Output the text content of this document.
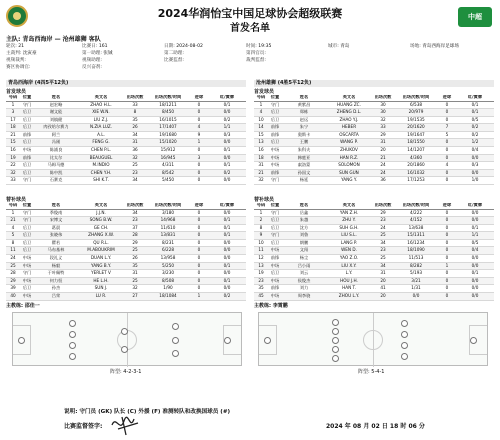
中超
2024华润怡宝中国足球协会超级联赛
首发名单
主队: 青岛西海岸 — 沧州雄狮 客队
轮次: 21	比赛日: 161	日期: 2024-08-02	时间: 19:35	城市: 青岛	场地: 青岛西海岸足球场
主裁判: 沈寅豪	第一助理: 张铖	第二助理:	第四官员:
视频裁判:	视频助理:	比赛监督:	裁判监督:
赛区协调官:	反兴奋剂:
青岛西海岸 (4四5平12负)
首发球员
号码	位置	姓名	英文名	出场次数	出场次数/时间	进球	红/黄牌
1	守门	赵宏略	ZHAO H.L.	33	18/1211	0	0/1
3	后卫	谢文能	XIE W.N.	8	8/450	0	0/0
17	后卫	刘镇健	LIU Z.J.	35	16/1015	0	0/2
18	后卫	肉孜哈尔赛力	N.ZIA LUZ.	26	17/1407	4	1/1
21	前锋	阿兰	A.L.	34	19/1680	9	0/3
15	后卫	冯刚	FENG G.	31	15/1020	1	0/0
16	中场	陈浦良	CHEN P.L.	36	15/912	0	0/1
19	前锋	比太尔	BEAUGUEL	32	16/945	3	0/0
22	后卫	马姆马德	M.INDIO	25	4/311	0	0/1
32	后卫	陈中凯	CHEN Y.H.	23	8/542	0	0/2
33	守门	石赛克	SHI K.T.	34	5/450	0	0/0
沧州雄狮 (4胜5平12负)
首发球员
号码	位置	姓名	英文名	出场次数	出场次数/时间	进球	红/黄牌
1	守门	黄紫昌	HUANG ZC.	30	6/538	0	0/1
4	后卫	郑栋	ZHENG D.L.	30	20/979	0	0/1
10	后卫	赵远	ZHAO Y.J.	32	19/1535	0	0/5
14	前锋	朱宁	HEBER	33	20/1620	7	0/2
15	前锋	奥斯卡	OSCARTA	29	19/1647	5	0/2
13	后卫	王鹏	WANG P.	31	18/1550	0	1/2
16	中场	朱科夫	ZHUKOV	20	14/1207	0	0/4
18	中场	韩庭亚	HAN R.Z.	21	4/360	0	0/0
31	中场	索洛蒙	SOLOMON	24	20/1860	4	0/3
21	前锋	孙国文	SUN GUN	24	16/1032	0	0/0
32	守门	杨延	YANG Y.	36	17/1253	0	1/0
替补球员
号码	位置	姓名	英文名	出场次数	出场次数/时间	进球	红/黄牌
1	守门	季俊南	J.J.N.	34	3/180	0	0/0
21	守门	宋博文	SONG B.W.	23	14/968	0	0/1
4	后卫	葛晨	GE CH.	37	11/610	0	0/1
5	后卫	张晓伟	ZHANG X.W.	28	13/831	0	0/1
8	后卫	瞿若	QU R.L.	29	8/231	0	0/0
11	后卫	马布基林	M.ABOUKRIM	25	6/228	0	0/0
24	中场	段礼义	DUAN L.Y.	26	13/958	0	0/0
25	中场	杨毅	YANG B.Y.	35	5/250	0	0/1
28	守门	于叶佩特	YERLET V	31	3/230	0	0/0
29	中场	何力恒	HE L.H.	25	8/508	0	0/1
39	后卫	孙杰	SUN J.	32	1/90	0	0/0
40	中场	吕荣	LU R.	27	18/1084	1	0/2
替补球员
号码	位置	姓名	英文名	出场次数	出场次数/时间	进球	红/黄牌
1	守门	岳鑫	YAN Z.H.	29	4/222	0	0/0
2	后卫	朱越	ZHU Y.	23	4/152	0	0/0
8	后卫	沈方	SUH G.H.	24	13/638	0	0/1
9	守门	刘鲁	LIU S.L.	25	15/1311	0	1/1
10	后卫	朗鹏	LANG P.	34	16/1234	0	0/5
11	中场	文闯	WEN D.	23	18/1090	0	0/4
12	前锋	杨尘	YAO Z.O.	25	11/513	0	0/0
13	中场	吕小雨	LIU X.Y.	34	8/282	1	0/0
19	后卫	刘云	L.Y.	31	5/193	0	0/1
23	中场	侯俊杰	HOU J.H.	20	3/21	0	0/0
35	前锋	刘力	HAN T.	41	1/31	0	0/0
45	中场	周李骁	ZHOU L.Y.	20	0/0	0	0/0
主教练: 邵佳一	主教练: 李霄鹏
阵型: 4-2-3-1	阵型: 5-4-1
说明: 守门员 (GK) 队长 (C) 外援 (F) 准测转队和改换国球员 (#)
比赛监督签字:	2024 年 08 月 02 日 18 时 06 分
